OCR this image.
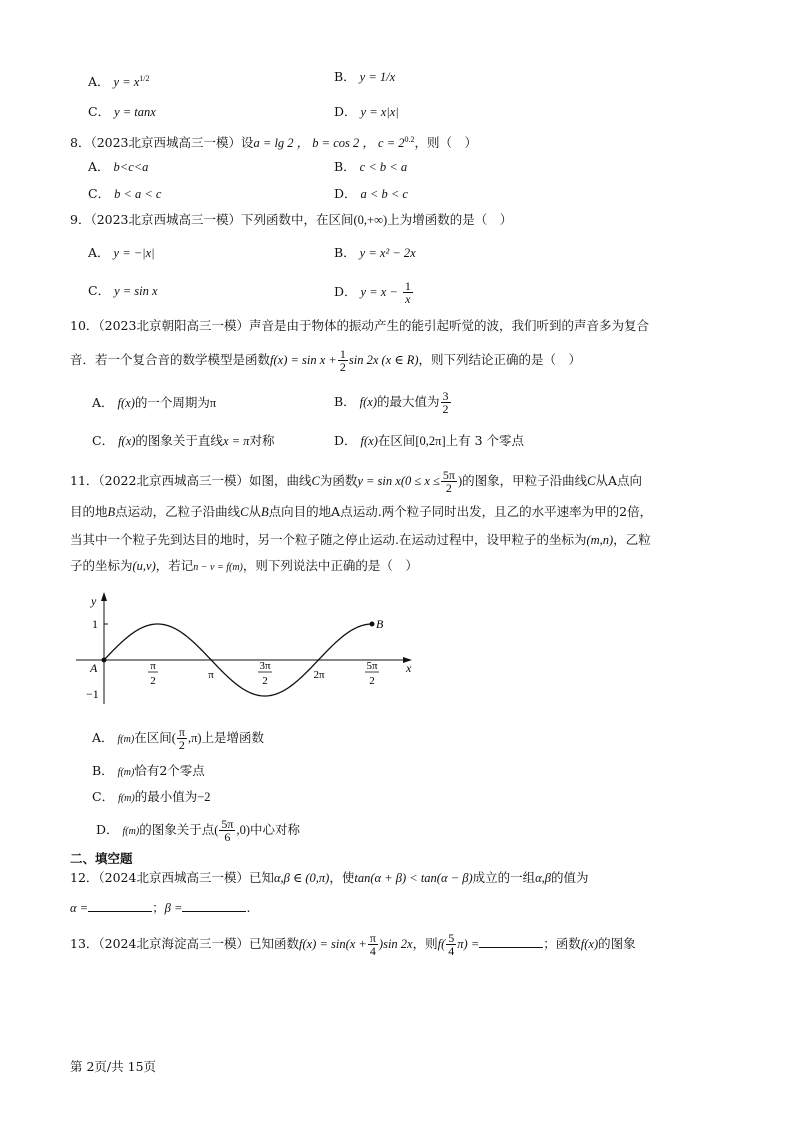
A． $y = x^{1/2}$	B． y = 1/x
C． y = tanx	D． y = x|x|
8．（2023北京西城高三一模）设a = lg 2 ， b = cos 2 ， $c = 2^{0.2}$，则（　）
A． b<c<a	B． c < b < a
C． b < a < c	D． a < b < c
9．（2023北京西城高三一模）下列函数中，在区间(0,+∞)上为增函数的是（　）
A． y = −|x|	B． y = x² − 2x
C． y = sin x	D． $y = x - \frac{1}{x}$
10．（2023北京朝阳高三一模）声音是由于物体的振动产生的能引起听觉的波，我们听到的声音多为复合
音．若一个复合音的数学模型是函数$f(x) = \sin x + \frac{1}{2}$ sin 2x (x ∈ R)，则下列结论正确的是（　）
A． f(x)的一个周期为π	B． f(x)的最大值为 $\frac{3}{2}$
C． f(x)的图象关于直线x = π对称	D． f(x)在区间[0,2π]上有 3 个零点
11．（2022北京西城高三一模）如图，曲线C为函数$y = \sin x(0 \le x \le \frac{5\pi}{2}$ )的图象，甲粒子沿曲线C从A点向
目的地B点运动，乙粒子沿曲线C从B点向目的地A点运动.两个粒子同时出发，且乙的水平速率为甲的2倍，
当其中一个粒子先到达目的地时，另一个粒子随之停止运动.在运动过程中，设甲粒子的坐标为(m,n)，乙粒
子的坐标为(u,v)，若记n − v = f(m)，则下列说法中正确的是（　）
y
x
1
−1
A
B
π
2	π
3π
2	2π
5π
2
A． f(m)在区间( $\frac{\pi}{2} ,\pi$)上是增函数
B． f(m)恰有2个零点
C． f(m)的最小值为−2
D． f(m)的图象关于点( $\frac{5\pi}{6} ,0$)中心对称
二、填空题
12．（2024北京西城高三一模）已知α,β ∈ (0,π)，使tan(α + β) < tan(α − β)成立的一组α,β的值为
α =	；β =	.
13．（2024北京海淀高三一模）已知函数$f(x) = \sin(x + \frac{\pi}{4} )\sin$ 2x，则$f( \frac{5}{4} \pi)$ =	；函数f(x)的图象
第 2页/共 15页
